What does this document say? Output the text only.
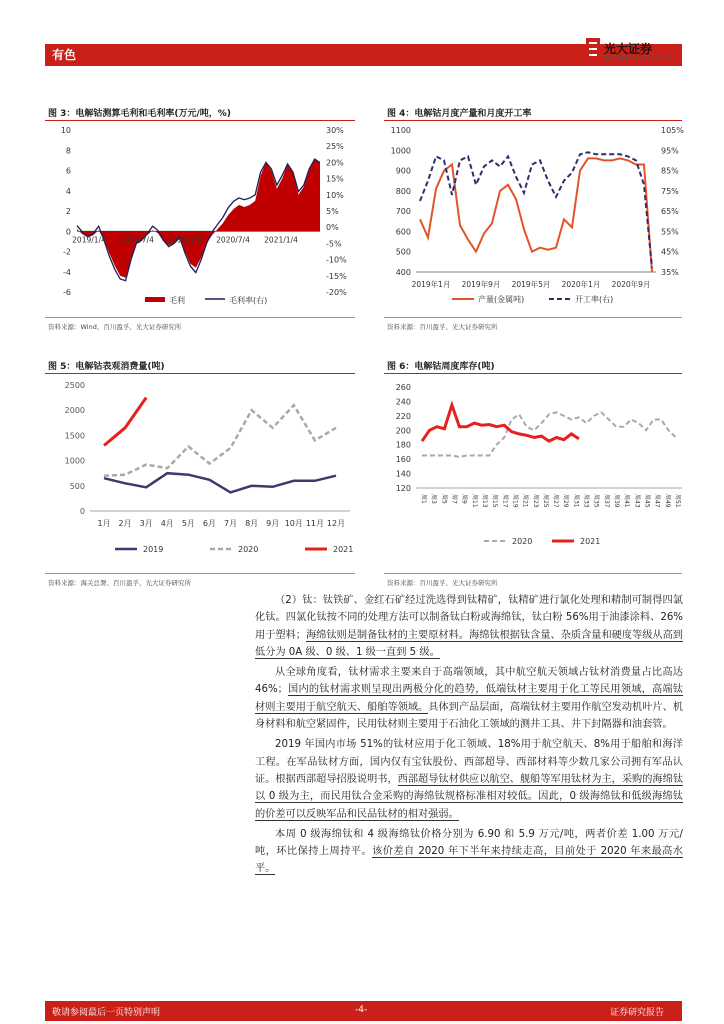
有色	光大证券
EVERBRIGHT SECURITIES
图 3：电解钴测算毛利和毛利率(万元/吨，%)
10
8
6
4
2
0
-2
-4
-6
30%
25%
20%
15%
10%
5%
0%
-5%
-10%
-15%
-20%
2019/1/4 2019/7/4 2020/1/4 2020/7/4 2021/1/4
毛利	毛利率(右)
资料来源：Wind、百川盈孚、光大证券研究所
图 4：电解钴月度产量和月度开工率
1100
1000
900
800
700
600
500
400
105%
95%
85%
75%
65%
55%
45%
35%
2019年1月 2019年9月 2019年5月 2020年1月 2020年9月
产量(金属吨)	开工率(右)
资料来源：百川盈孚、光大证券研究所
图 5：电解钴表观消费量(吨)
2500
2000
1500
1000
500
0
1月 2月 3月 4月 5月 6月 7月 8月 9月 10月 11月 12月
2019	2020	2021
资料来源：海关总署、百川盈孚、光大证券研究所
图 6：电解钴周度库存(吨)
260
240
220
200
180
160
140
120
周1 周3 周5 周7 周9 周11 周13 周15 周17 周19 周21 周23 周25 周27 周29 周31 周33 周35 周37 周39 周41 周43 周45 周47 周49 周51
2020	2021
资料来源：百川盈孚、光大证券研究所

（2）钛：钛铁矿、金红石矿经过洗选得到钛精矿，钛精矿进行氯化处理和精制可制得四氯化钛。四氯化钛按不同的处理方法可以制备钛白粉或海绵钛，钛白粉 56%用于油漆涂料、26%用于塑料；海绵钛则是制备钛材的主要原材料。海绵钛根据钛含量、杂质含量和硬度等级从高到低分为 0A 级、0 级、1 级一直到 5 级。

从全球角度看，钛材需求主要来自于高端领域，其中航空航天领域占钛材消费量占比高达 46%；国内的钛材需求则呈现出两极分化的趋势，低端钛材主要用于化工等民用领域，高端钛材则主要用于航空航天、船舶等领域。具体到产品层面，高端钛材主要用作航空发动机叶片、机身材料和航空紧固件，民用钛材则主要用于石油化工领域的测井工具、井下封隔器和油套管。

2019 年国内市场 51%的钛材应用于化工领域、18%用于航空航天、8%用于船舶和海洋工程。在军品钛材方面，国内仅有宝钛股份、西部超导、西部材料等少数几家公司拥有军品认证。根据西部超导招股说明书，西部超导钛材供应以航空、舰船等军用钛材为主，采购的海绵钛以 0 级为主，而民用钛合金采购的海绵钛规格标准相对较低。因此，0 级海绵钛和低级海绵钛的价差可以反映军品和民品钛材的相对强弱。

本周 0 级海绵钛和 4 级海绵钛价格分别为 6.90 和 5.9 万元/吨，两者价差 1.00 万元/吨，环比保持上周持平。该价差自 2020 年下半年来持续走高，目前处于 2020 年来最高水平。

敬请参阅最后一页特别声明	-4-	证券研究报告
